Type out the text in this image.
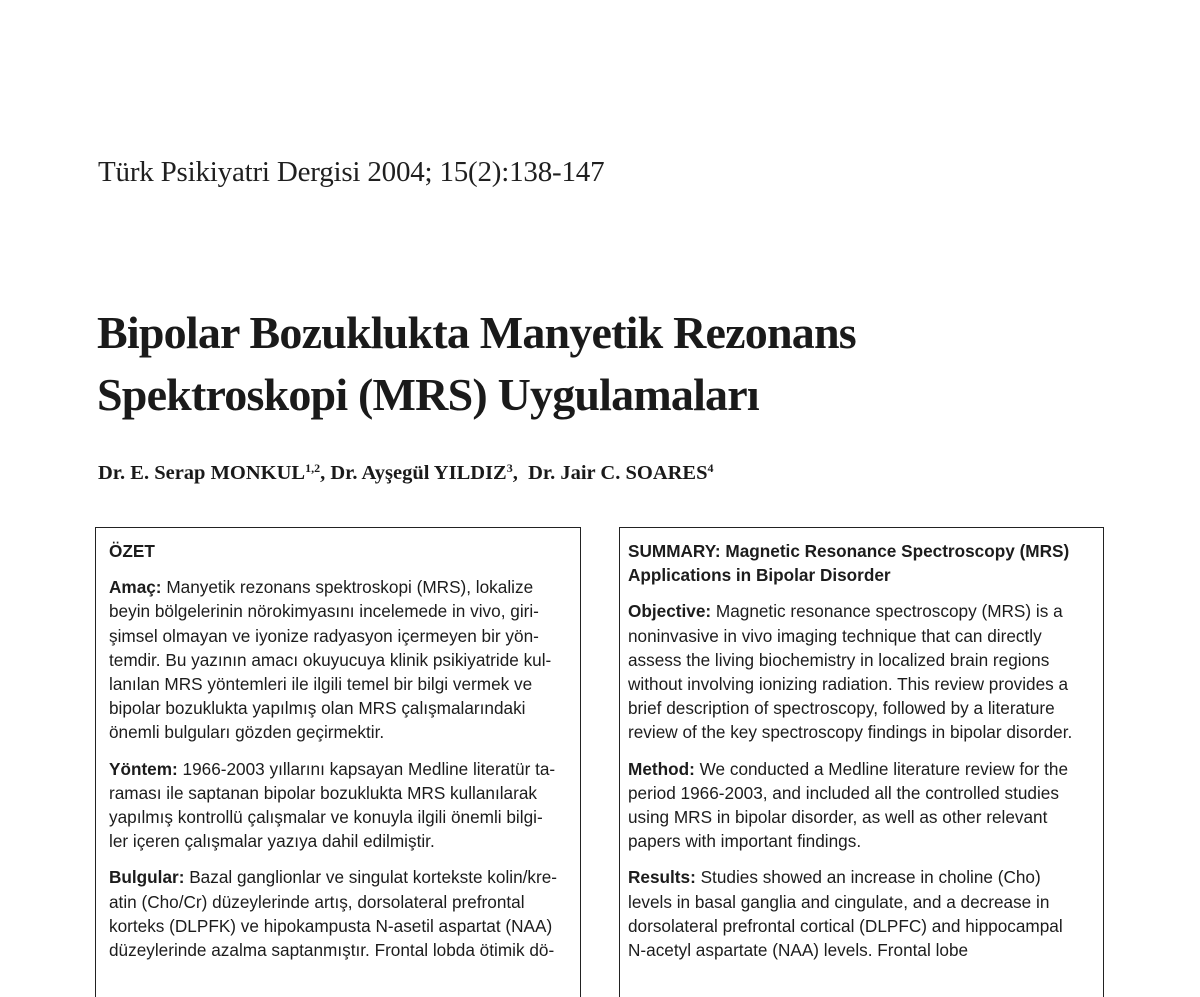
Türk Psikiyatri Dergisi 2004; 15(2):138-147
Bipolar Bozuklukta Manyetik Rezonans
Spektroskopi (MRS) Uygulamaları
Dr. E. Serap MONKUL$^{1,2}$, Dr. Ayşegül YILDIZ$^3$,  Dr. Jair C. SOARES$^4$
ÖZET
Amaç: Manyetik rezonans spektroskopi (MRS), lokalize
beyin bölgelerinin nörokimyasını incelemede in vivo, giri-
şimsel olmayan ve iyonize radyasyon içermeyen bir yön-
temdir. Bu yazının amacı okuyucuya klinik psikiyatride kul-
lanılan MRS yöntemleri ile ilgili temel bir bilgi vermek ve
bipolar bozuklukta yapılmış olan MRS çalışmalarındaki
önemli bulguları gözden geçirmektir.
Yöntem: 1966-2003 yıllarını kapsayan Medline literatür ta-
raması ile saptanan bipolar bozuklukta MRS kullanılarak
yapılmış kontrollü çalışmalar ve konuyla ilgili önemli bilgi-
ler içeren çalışmalar yazıya dahil edilmiştir.
Bulgular: Bazal ganglionlar ve singulat kortekste kolin/kre-
atin (Cho/Cr) düzeylerinde artış, dorsolateral prefrontal
korteks (DLPFK) ve hipokampusta N-asetil aspartat (NAA)
düzeylerinde azalma saptanmıştır. Frontal lobda ötimik dö-
SUMMARY: Magnetic Resonance Spectroscopy (MRS)
Applications in Bipolar Disorder
Objective: Magnetic resonance spectroscopy (MRS) is a
noninvasive in vivo imaging technique that can directly
assess the living biochemistry in localized brain regions
without involving ionizing radiation. This review provides a
brief description of spectroscopy, followed by a literature
review of the key spectroscopy findings in bipolar disorder.
Method: We conducted a Medline literature review for the
period 1966-2003, and included all the controlled studies
using MRS in bipolar disorder, as well as other relevant
papers with important findings.
Results: Studies showed an increase in choline (Cho)
levels in basal ganglia and cingulate, and a decrease in
dorsolateral prefrontal cortical (DLPFC) and hippocampal
N-acetyl aspartate (NAA) levels. Frontal lobe
